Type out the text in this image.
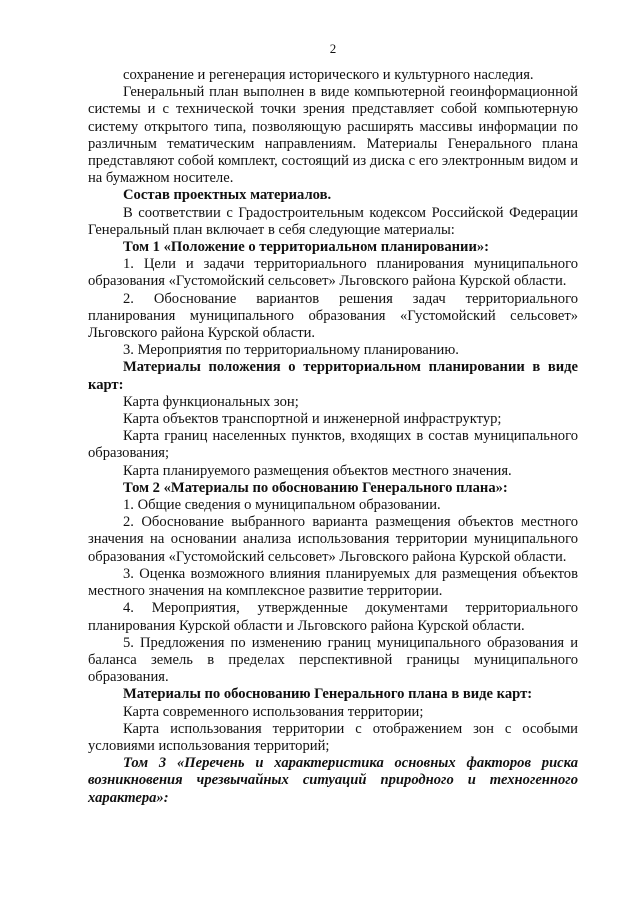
2

сохранение и регенерация исторического и культурного наследия.

Генеральный план выполнен в виде компьютерной геоинформационной системы и с технической точки зрения представляет собой компьютерную систему открытого типа, позволяющую расширять массивы информации по различным тематическим направлениям. Материалы Генерального плана представляют собой комплект, состоящий из диска с его электронным видом и на бумажном носителе.

Состав проектных материалов.

В соответствии с Градостроительным кодексом Российской Федерации Генеральный план включает в себя следующие материалы:

Том 1 «Положение о территориальном планировании»:

1. Цели и задачи территориального планирования муниципального образования «Густомойский сельсовет» Льговского района Курской области.

2. Обоснование вариантов решения задач территориального планирования муниципального образования «Густомойский сельсовет» Льговского района Курской области.

3. Мероприятия по территориальному планированию.

Материалы положения о территориальном планировании в виде карт:

Карта функциональных зон;

Карта объектов транспортной и инженерной инфраструктур;

Карта границ населенных пунктов, входящих в состав муниципального образования;

Карта планируемого размещения объектов местного значения.

Том 2 «Материалы по обоснованию Генерального плана»:

1. Общие сведения о муниципальном образовании.

2. Обоснование выбранного варианта размещения объектов местного значения на основании анализа использования территории муниципального образования «Густомойский сельсовет» Льговского района Курской области.

3. Оценка возможного влияния планируемых для размещения объектов местного значения на комплексное развитие территории.

4. Мероприятия, утвержденные документами территориального планирования Курской области и Льговского района Курской области.

5. Предложения по изменению границ муниципального образования и баланса земель в пределах перспективной границы муниципального образования.

Материалы по обоснованию Генерального плана в виде карт:

Карта современного использования территории;

Карта использования территории с отображением зон с особыми условиями использования территорий;

Том 3 «Перечень и характеристика основных факторов риска возникновения чрезвычайных ситуаций природного и техногенного характера»:
